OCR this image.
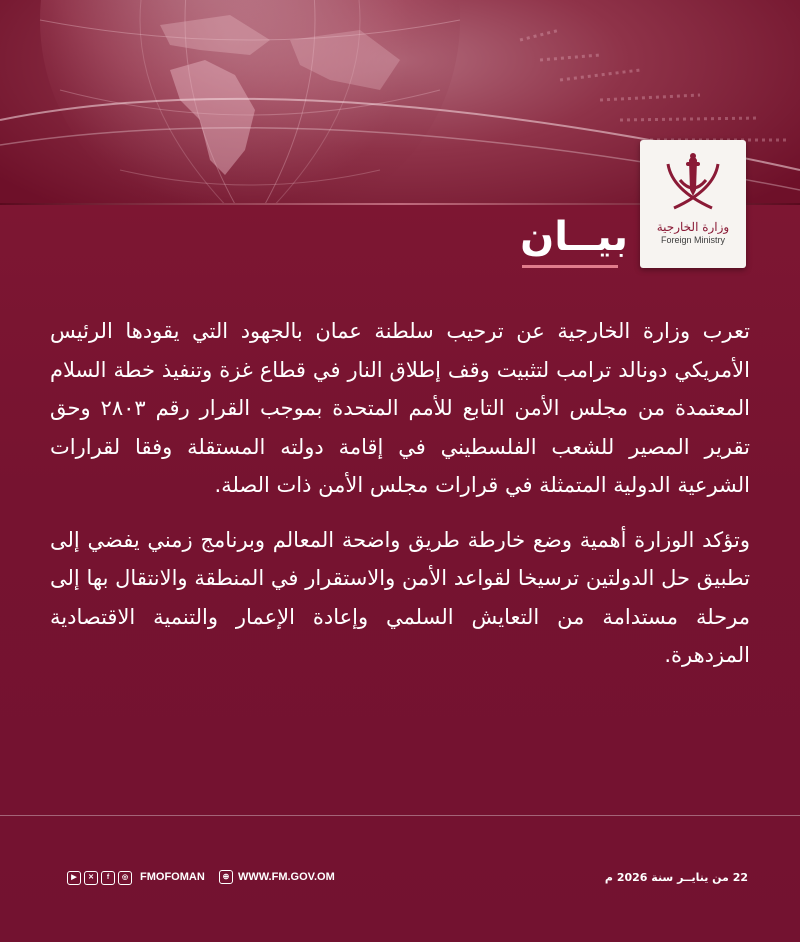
وزارة الخارجية
Foreign Ministry
بيــان

تعرب وزارة الخارجية عن ترحيب سلطنة عمان بالجهود التي يقودها الرئيس الأمريكي دونالد ترامب لتثبيت وقف إطلاق النار في قطاع غزة وتنفيذ خطة السلام المعتمدة من مجلس الأمن التابع للأمم المتحدة بموجب القرار رقم ٢٨٠٣ وحق تقرير المصير للشعب الفلسطيني في إقامة دولته المستقلة وفقا لقرارات الشرعية الدولية المتمثلة في قرارات مجلس الأمن ذات الصلة.

وتؤكد الوزارة أهمية وضع خارطة طريق واضحة المعالم وبرنامج زمني يفضي إلى تطبيق حل الدولتين ترسيخا لقواعد الأمن والاستقرار في المنطقة والانتقال بها إلى مرحلة مستدامة من التعايش السلمي وإعادة الإعمار والتنمية الاقتصادية المزدهرة.

▶	✕	f	◎	FMOFOMAN	⊕ WWW.FM.GOV.OM	22 من ينايــر سنة 2026 م
